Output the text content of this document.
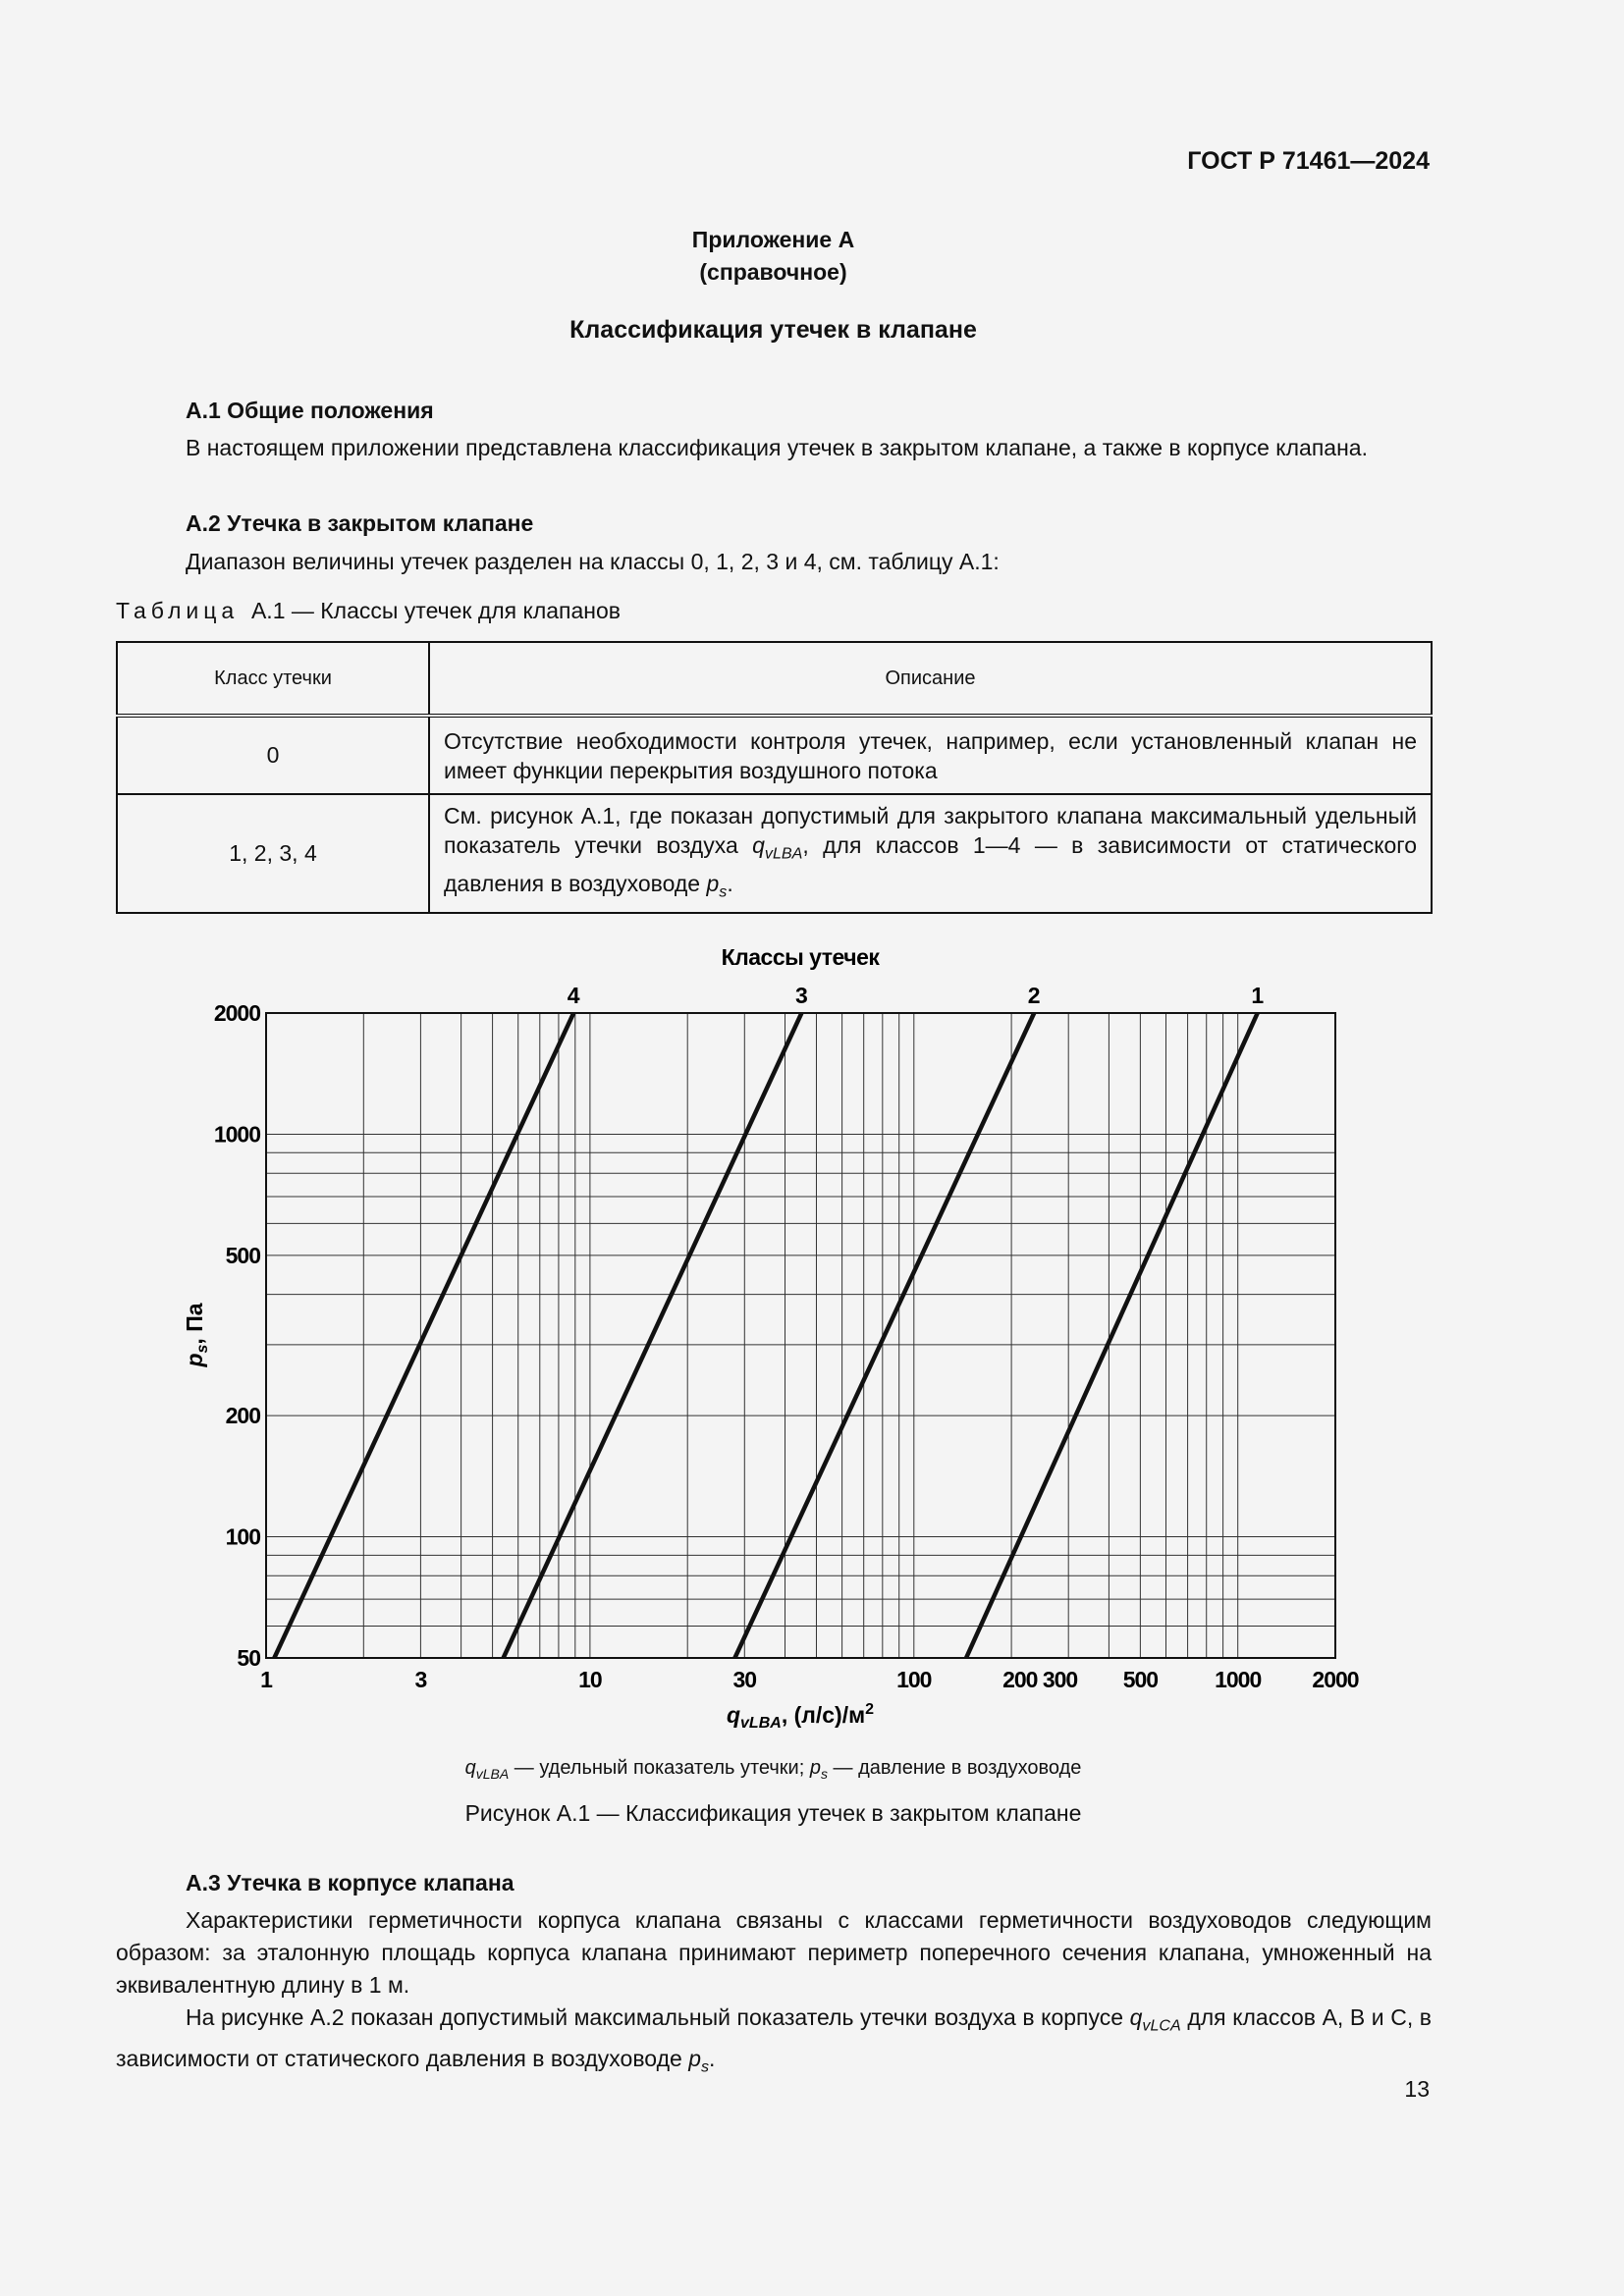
ГОСТ Р 71461—2024
Приложение А
(справочное)
Классификация утечек в клапане
А.1 Общие положения
В настоящем приложении представлена классификация утечек в закрытом клапане, а также в корпусе клапана.
А.2 Утечка в закрытом клапане
Диапазон величины утечек разделен на классы 0, 1, 2, 3 и 4, см. таблицу А.1:
Таблица А.1 — Классы утечек для клапанов
Класс утечки	Описание
0	Отсутствие необходимости контроля утечек, например, если установленный клапан не имеет функции перекрытия воздушного потока
1, 2, 3, 4	См. рисунок А.1, где показан допустимый для закрытого клапана максимальный удельный показатель утечки воздуха $q_{vLBA}$, для классов 1—4 — в зависимости от статического давления в воздуховоде $p_s$.
4	3	2	1
50
100
200
500
1000
2000
1	3	10	30	100	200 300 500	1000 2000
Классы утечек
$q_{vLBA}$, $(л/с)/м^2$
$p_s$, Па
$q_{vLBA}$ — удельный показатель утечки; $p_s$ — давление в воздуховоде
Рисунок А.1 — Классификация утечек в закрытом клапане
А.3 Утечка в корпусе клапана
Характеристики герметичности корпуса клапана связаны с классами герметичности воздуховодов следующим образом: за эталонную площадь корпуса клапана принимают периметр поперечного сечения клапана, умноженный на эквивалентную длину в 1 м.
На рисунке А.2 показан допустимый максимальный показатель утечки воздуха в корпусе $q_{vLCA}$ для классов А, В и С, в зависимости от статического давления в воздуховоде $p_s$.
13
